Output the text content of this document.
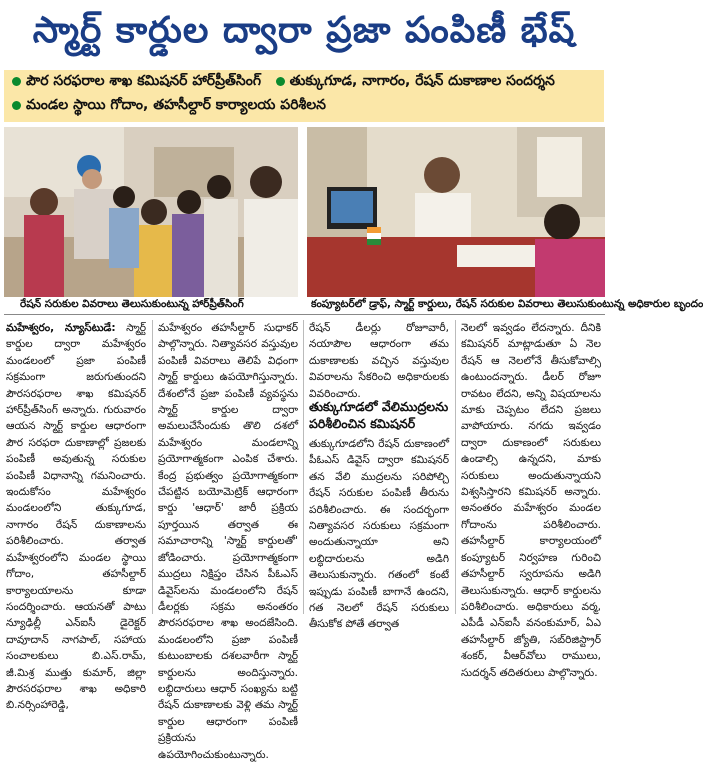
స్మార్ట్ కార్డుల ద్వారా ప్రజా పంపిణీ భేష్
పౌర సరఫరాల శాఖ కమిషనర్ హార్‌ప్రీత్‌సింగ్ తుక్కుగూడ, నాగారం, రేషన్ దుకాణాల సందర్శన
మండల స్థాయి గోదాం, తహసీల్దార్ కార్యాలయ పరిశీలన
రేషన్ సరుకుల వివరాలు తెలుసుకుంటున్న హార్‌ప్రీత్‌సింగ్	కంప్యూటర్‌లో డ్రాఫ్, స్మార్ట్ కార్డులు, రేషన్ సరుకుల వివరాలు తెలుసుకుంటున్న అధికారుల బృందం
మహేశ్వరం, న్యూస్‌టుడే: స్మార్ట్ కార్డుల ద్వారా మహేశ్వరం మండలంలో ప్రజా పంపిణీ సక్రమంగా జరుగుతుందని పౌరసరఫరాల శాఖ కమిషనర్ హార్‌ప్రీత్‌సింగ్ అన్నారు. గురువారం ఆయన స్మార్ట్ కార్డుల ఆధారంగా పౌర సరఫరా దుకాణాల్లో ప్రజలకు పంపిణీ అవుతున్న సరుకుల పంపిణీ విధానాన్ని గమనించారు. ఇందుకోసం మహేశ్వరం మండలంలోని తుక్కుగూడ, నాగారం రేషన్ దుకాణాలను పరిశీలించారు. తర్వాత మహేశ్వరంలోని మండల స్థాయి గోదాం, తహసీల్దార్ కార్యాలయాలను కూడా సందర్శించారు. ఆయనతో పాటు న్యూఢిల్లీ ఎన్‌ఐసీ డైరెక్టర్ దావూదాన్ నాగపాల్, సహాయ సంచాలకులు బి.ఎస్.రామ్, జీ.మిశ్ర ముత్తు కుమార్, జిల్లా పౌరసరఫరాల శాఖ అధికారి బి.నర్సింహారెడ్డి,
మహేశ్వరం తహసీల్దార్ సుధాకర్ పాల్గొన్నారు. నిత్యావసర వస్తువుల పంపిణీ వివరాలు తెలిపే విధంగా స్మార్ట్ కార్డులు ఉపయోగిస్తున్నారు. దేశంలోనే ప్రజా పంపిణీ వ్యవస్థను స్మార్ట్ కార్డుల ద్వారా అమలుచేసేందుకు తొలి దశలో మహేశ్వరం మండలాన్ని ప్రయోగాత్మకంగా ఎంపిక చేశారు. కేంద్ర ప్రభుత్వం ప్రయోగాత్మకంగా చేపట్టిన బయోమెట్రిక్ ఆధారంగా కార్డు 'ఆధార్' జారీ ప్రక్రియ పూర్తయిన తర్వాత ఈ సమాచారాన్ని 'స్మార్ట్ కార్డులతో' జోడించారు. ప్రయోగాత్మకంగా ముద్రలు నిక్షిప్తం చేసిన పీఓఎస్ డివైస్‌లను మండలంలోని రేషన్ డీలర్లకు సక్రమ అనంతరం పౌరసరఫరాల శాఖ అందజేసింది. మండలంలోని ప్రజా పంపిణీ కుటుంబాలకు దశలవారీగా స్మార్ట్ కార్డులను అందిస్తున్నారు. లబ్ధిదారులు ఆధార్ సంఖ్యను బట్టి రేషన్ దుకాణాలకు వెళ్లి తమ స్మార్ట్ కార్డుల ఆధారంగా పంపిణీ ప్రక్రియను ఉపయోగించుకుంటున్నారు.
రేషన్ డీలర్లు రోజూవారీ, నయాపౌల ఆధారంగా తమ దుకాణాలకు వచ్చిన వస్తువుల వివరాలను సేకరించి అధికారులకు వివరించారు.
తుక్కుగూడలో వేలిముద్రలను పరిశీలించిన కమిషనర్
తుక్కుగూడలోని రేషన్ దుకాణంలో పీఓఎస్ డివైస్ ద్వారా కమిషనర్ తన వేలి ముద్రలను సరిపోల్చి రేషన్ సరుకుల పంపిణీ తీరును పరిశీలించారు. ఈ సందర్భంగా నిత్యావసర సరుకులు సక్రమంగా అందుతున్నాయా అని లబ్ధిదారులను అడిగి తెలుసుకున్నారు. గతంలో కంటే ఇప్పుడు పంపిణీ బాగానే ఉందని, గత నెలలో రేషన్ సరుకులు తీసుకోక పోతే తర్వాత
నెలలో ఇవ్వడం లేదన్నారు. దీనికి కమిషనర్ మాట్లాడుతూ ఏ నెల రేషన్ ఆ నెలలోనే తీసుకోవాల్సి ఉంటుందన్నారు. డీలర్ రోజూ రావటం లేదని, అన్ని విషయాలను మాకు చెప్పటం లేదని ప్రజలు వాపోయారు. నగదు ఇవ్వడం ద్వారా దుకాణంలో సరుకులు ఉండాల్సి ఉన్నదని, మాకు సరుకులు అందుతున్నాయని విశ్వసిస్తారని కమిషనర్ అన్నారు. అనంతరం మహేశ్వరం మండల గోదాంను పరిశీలించారు. తహసీల్దార్ కార్యాలయంలో కంప్యూటర్ నిర్వహణ గురించి తహసీల్దార్ స్వరూపను అడిగి తెలుసుకున్నారు. ఆధార్ కార్డులను పరిశీలించారు. అధికారులు వర్మ, ఎపీడీ ఎన్ఐసీ వనంకుమార్, ఏఎ తహసీల్దార్ జ్యోతి, సబ్‌రిజిస్ట్రార్ శంకర్, వీఆర్‌వోలు రాములు, సుదర్శన్ తదితరులు పాల్గొన్నారు.
